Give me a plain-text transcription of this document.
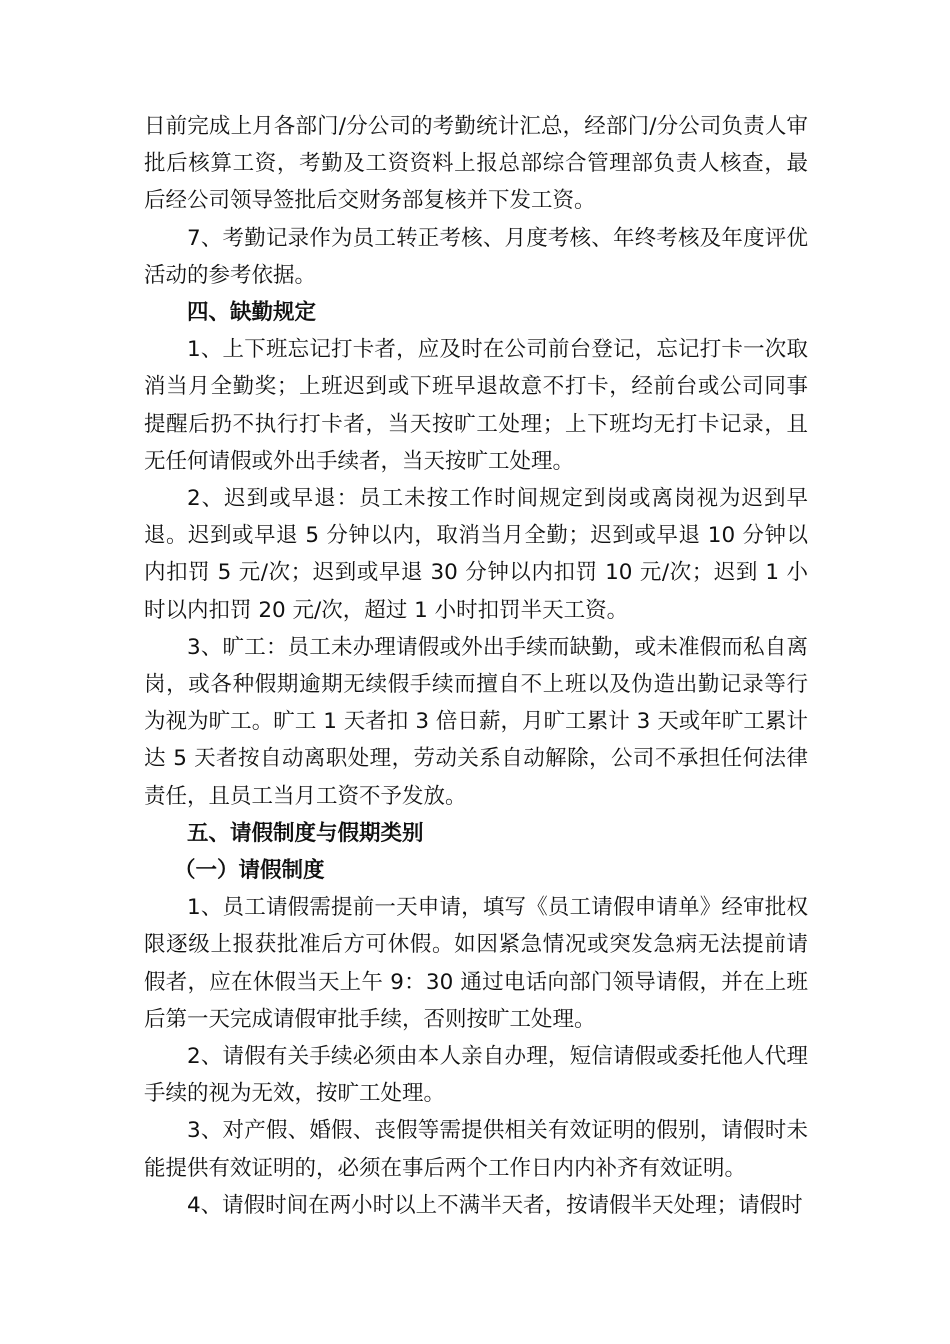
日前完成上月各部门/分公司的考勤统计汇总，经部门/分公司负责人审批后核算工资，考勤及工资资料上报总部综合管理部负责人核查，最后经公司领导签批后交财务部复核并下发工资。

7、考勤记录作为员工转正考核、月度考核、年终考核及年度评优活动的参考依据。

四、缺勤规定

1、上下班忘记打卡者，应及时在公司前台登记，忘记打卡一次取消当月全勤奖；上班迟到或下班早退故意不打卡，经前台或公司同事提醒后扔不执行打卡者，当天按旷工处理；上下班均无打卡记录，且无任何请假或外出手续者，当天按旷工处理。

2、迟到或早退：员工未按工作时间规定到岗或离岗视为迟到早退。迟到或早退 5 分钟以内，取消当月全勤；迟到或早退 10 分钟以内扣罚 5 元/次；迟到或早退 30 分钟以内扣罚 10 元/次；迟到 1 小时以内扣罚 20 元/次，超过 1 小时扣罚半天工资。

3、旷工：员工未办理请假或外出手续而缺勤，或未准假而私自离岗，或各种假期逾期无续假手续而擅自不上班以及伪造出勤记录等行为视为旷工。旷工 1 天者扣 3 倍日薪，月旷工累计 3 天或年旷工累计达 5 天者按自动离职处理，劳动关系自动解除，公司不承担任何法律责任，且员工当月工资不予发放。

五、请假制度与假期类别

（一）请假制度

1、员工请假需提前一天申请，填写《员工请假申请单》经审批权限逐级上报获批准后方可休假。如因紧急情况或突发急病无法提前请假者，应在休假当天上午 9：30 通过电话向部门领导请假，并在上班后第一天完成请假审批手续，否则按旷工处理。

2、请假有关手续必须由本人亲自办理，短信请假或委托他人代理手续的视为无效，按旷工处理。

3、对产假、婚假、丧假等需提供相关有效证明的假别，请假时未能提供有效证明的，必须在事后两个工作日内内补齐有效证明。

4、请假时间在两小时以上不满半天者，按请假半天处理；请假时
